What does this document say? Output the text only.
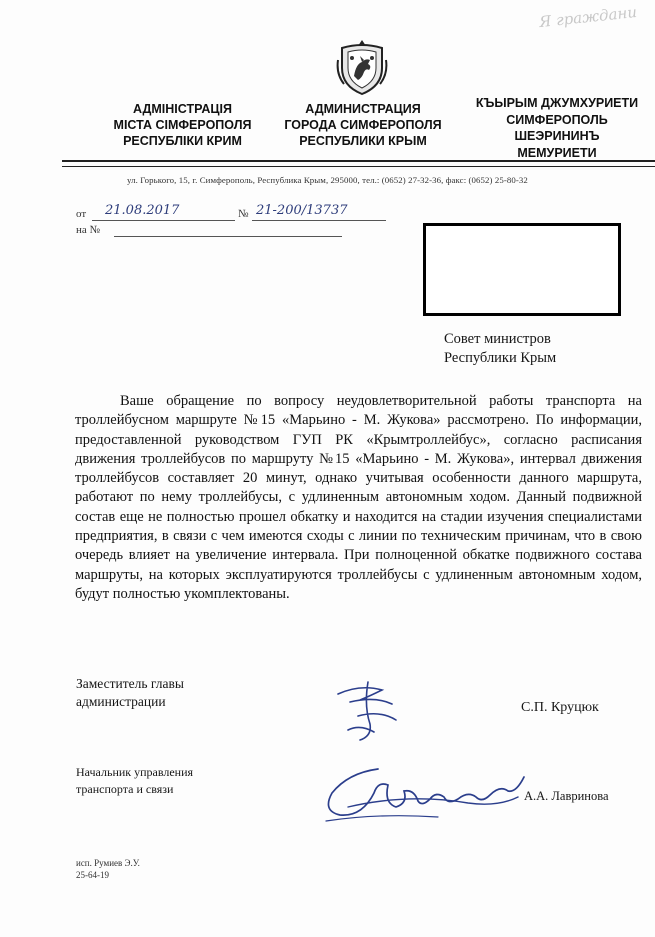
Я граждани
АДМІНІСТРАЦІЯ
МІСТА СІМФЕРОПОЛЯ
РЕСПУБЛІКИ КРИМ
АДМИНИСТРАЦИЯ
ГОРОДА СИМФЕРОПОЛЯ
РЕСПУБЛИКИ КРЫМ
КЪЫРЫМ ДЖУМХУРИЕТИ
СИМФЕРОПОЛЬ
ШЕЭРИНИНЪ
МЕМУРИЕТИ
ул. Горького, 15, г. Симферополь, Республика Крым, 295000, тел.: (0652) 27-32-36, факс: (0652) 25-80-32
от 21.08.2017	№ 21-200/13737
на №
Совет министров
Республики Крым
Ваше обращение по вопросу неудовлетворительной работы транспорта на троллейбусном маршруте №15 «Марьино - М. Жукова» рассмотрено. По информации, предоставленной руководством ГУП РК «Крымтроллейбус», согласно расписания движения троллейбусов по маршруту №15 «Марьино - М. Жукова», интервал движения троллейбусов составляет 20 минут, однако учитывая особенности данного маршрута, работают по нему троллейбусы, с удлиненным автономным ходом. Данный подвижной состав еще не полностью прошел обкатку и находится на стадии изучения специалистами предприятия, в связи с чем имеются сходы с линии по техническим причинам, что в свою очередь влияет на увеличение интервала. При полноценной обкатке подвижного состава маршруты, на которых эксплуатируются троллейбусы с удлиненным автономным ходом, будут полностью укомплектованы.
Заместитель главы
администрации	С.П. Круцюк
Начальник управления
транспорта и связи	А.А. Лавринова
исп. Румиев Э.У.
25-64-19
